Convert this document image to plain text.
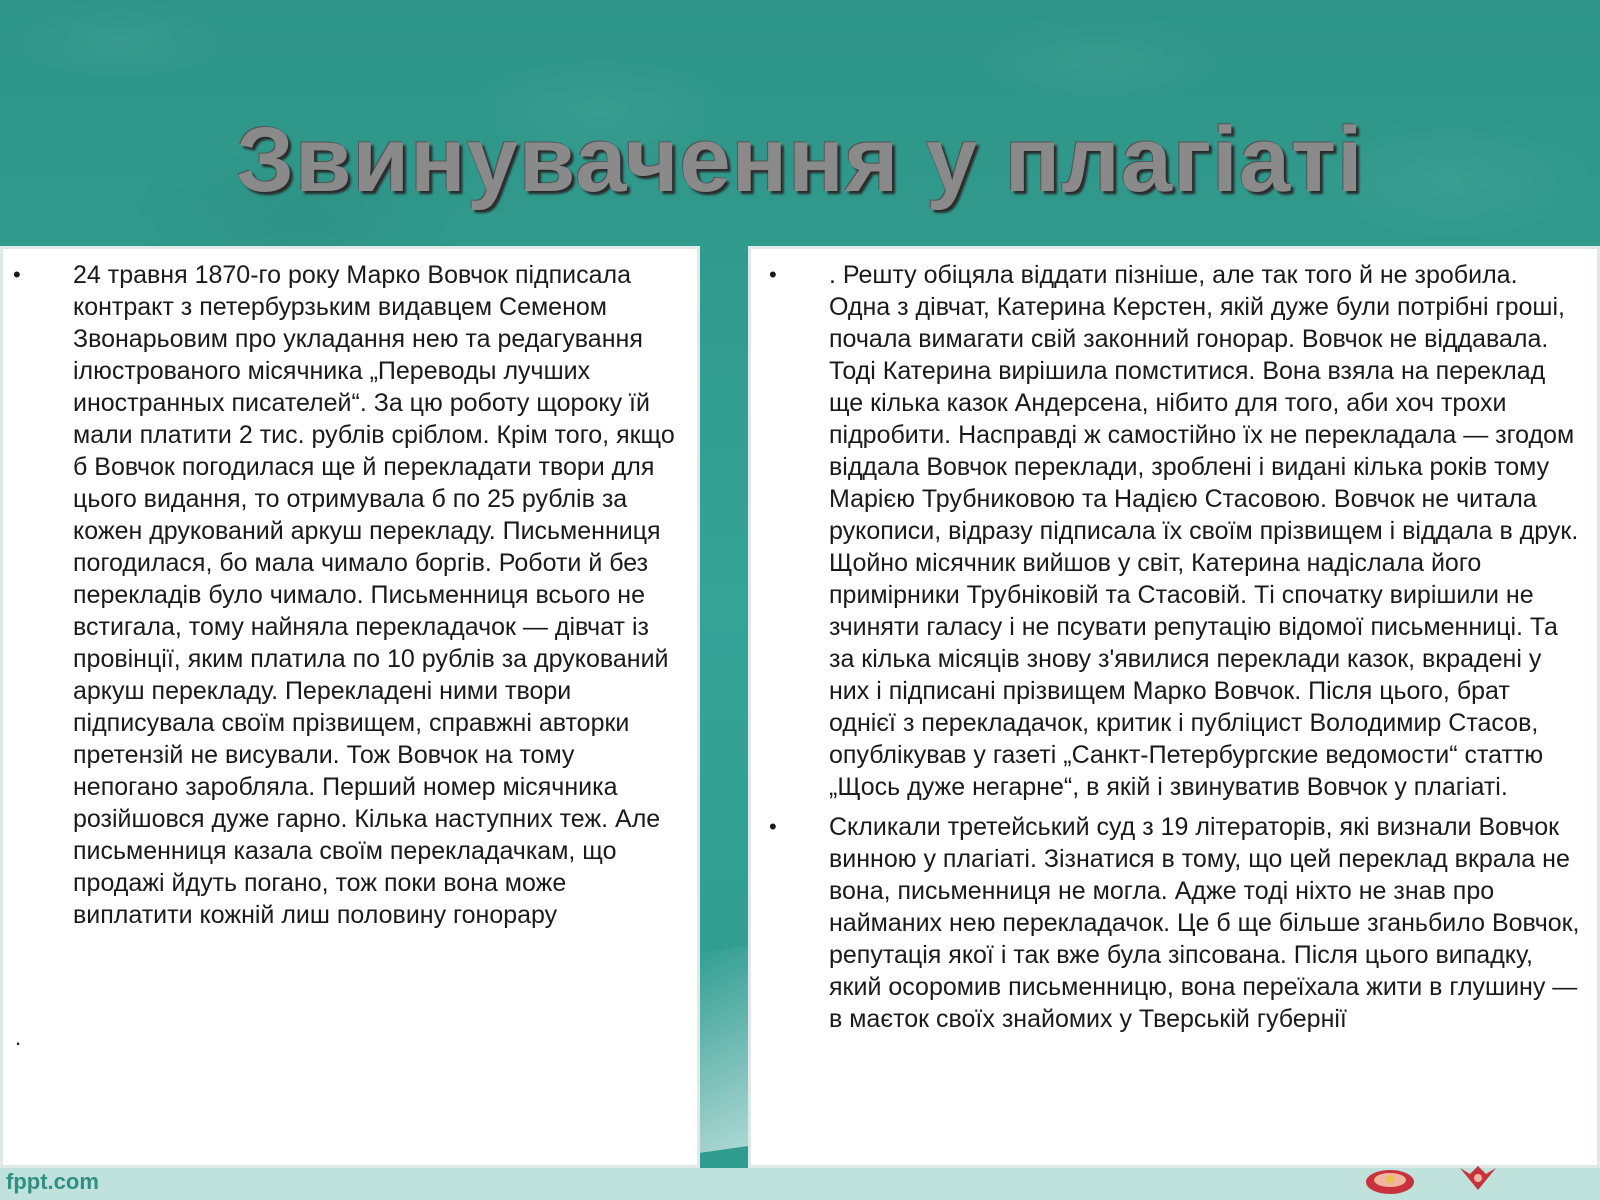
Звинувачення у плагіаті
• 24 травня 1870-го року Марко Вовчок підписала контракт з петербурзьким видавцем Семеном Звонарьовим про укладання нею та редагування ілюстрованого місячника „Переводы лучших иностранных писателей“. За цю роботу щороку їй мали платити 2 тис. рублів сріблом. Крім того, якщо б Вовчок погодилася ще й перекладати твори для цього видання, то отримувала б по 25 рублів за кожен друкований аркуш перекладу. Письменниця погодилася, бо мала чимало боргів. Роботи й без перекладів було чимало. Письменниця всього не встигала, тому найняла перекладачок — дівчат із провінції, яким платила по 10 рублів за друкований аркуш перекладу. Перекладені ними твори підписувала своїм прізвищем, справжні авторки претензій не висували. Тож Вовчок на тому непогано заробляла. Перший номер місячника розійшовся дуже гарно. Кілька наступних теж. Але письменниця казала своїм перекладачкам, що продажі йдуть погано, тож поки вона може виплатити кожній лиш половину гонорару
.
• . Решту обіцяла віддати пізніше, але так того й не зробила. Одна з дівчат, Катерина Керстен, якій дуже були потрібні гроші, почала вимагати свій законний гонорар. Вовчок не віддавала. Тоді Катерина вирішила помститися. Вона взяла на переклад ще кілька казок Андерсена, нібито для того, аби хоч трохи підробити. Насправді ж самостійно їх не перекладала — згодом віддала Вовчок переклади, зроблені і видані кілька років тому Марією Трубниковою та Надією Стасовою. Вовчок не читала рукописи, відразу підписала їх своїм прізвищем і віддала в друк. Щойно місячник вийшов у світ, Катерина надіслала його примірники Трубніковій та Стасовій. Ті спочатку вирішили не зчиняти галасу і не псувати репутацію відомої письменниці. Та за кілька місяців знову з'явилися переклади казок, вкрадені у них і підписані прізвищем Марко Вовчок. Після цього, брат однієї з перекладачок, критик і публіцист Володимир Стасов, опублікував у газеті „Санкт-Петербургские ведомости“ статтю „Щось дуже негарне“, в якій і звинуватив Вовчок у плагіаті.
• Скликали третейський суд з 19 літераторів, які визнали Вовчок винною у плагіаті. Зізнатися в тому, що цей переклад вкрала не вона, письменниця не могла. Адже тоді ніхто не знав про найманих нею перекладачок. Це б ще більше зганьбило Вовчок, репутація якої і так вже була зіпсована. Після цього випадку, який осоромив письменницю, вона переїхала жити в глушину — в маєток своїх знайомих у Тверській губернії
fppt.com
